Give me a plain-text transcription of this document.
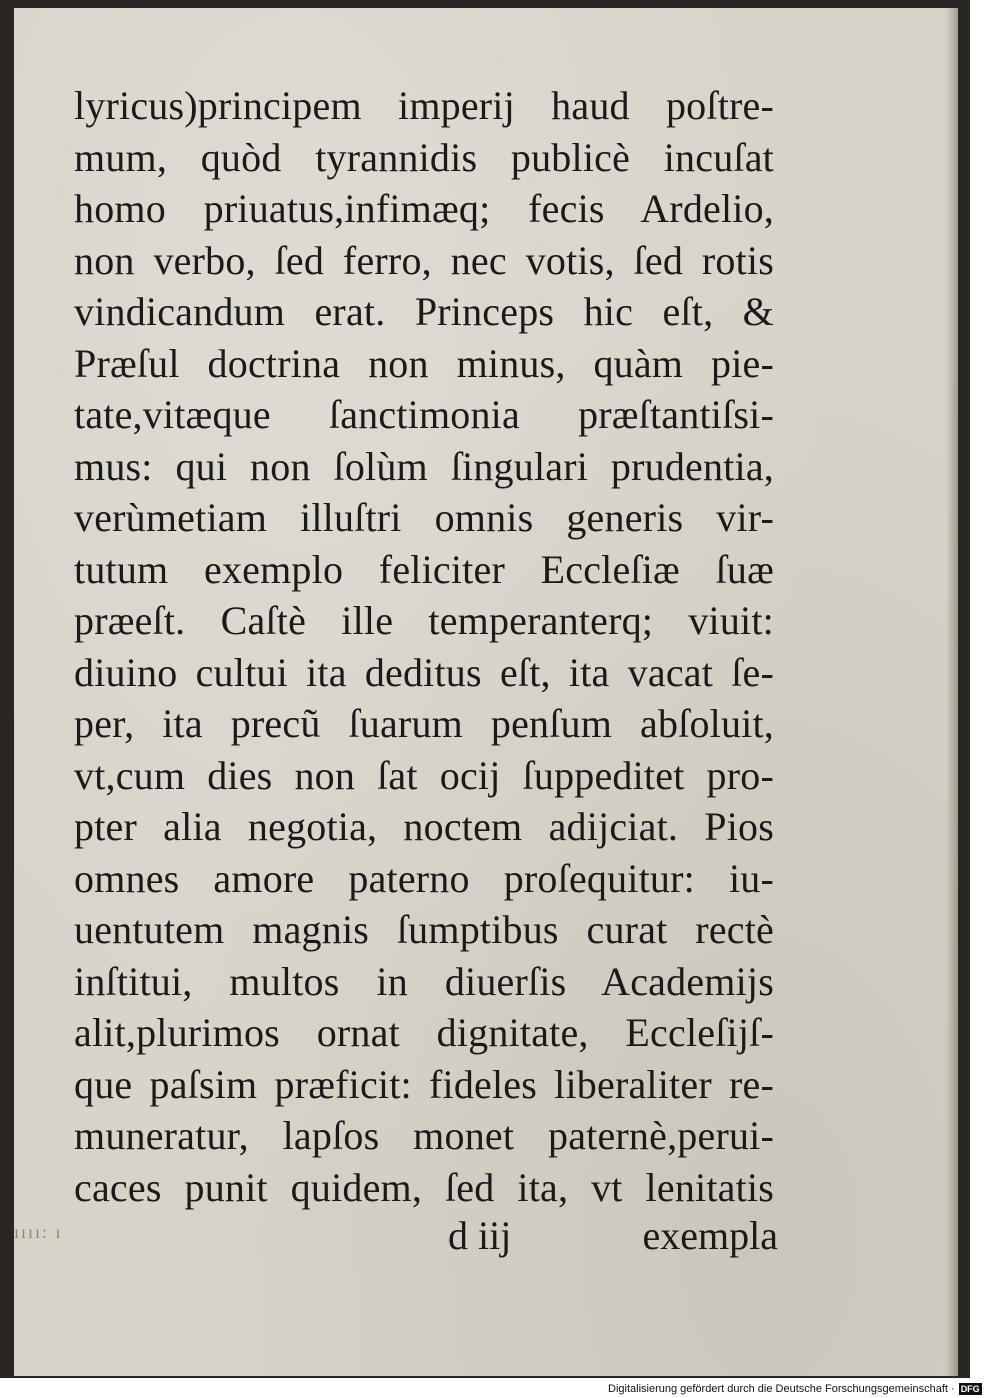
lyricus)principem imperij haud poſtre-
mum, quòd tyrannidis publicè incuſat
homo priuatus,infimæq; fecis Ardelio,
non verbo, ſed ferro, nec votis, ſed rotis
vindicandum erat. Princeps hic eſt, &
Præſul doctrina non minus, quàm pie-
tate,vitæque ſanctimonia præſtantiſsi-
mus: qui non ſolùm ſingulari prudentia,
verùmetiam illuſtri omnis generis vir-
tutum exemplo feliciter Eccleſiæ ſuæ
præeſt. Caſtè ille temperanterq; viuit:
diuino cultui ita deditus eſt, ita vacat ſe-
per, ita precũ ſuarum penſum abſoluit,
vt,cum dies non ſat ocij ſuppeditet pro-
pter alia negotia, noctem adijciat. Pios
omnes amore paterno proſequitur: iu-
uentutem magnis ſumptibus curat rectè
inſtitui, multos in diuerſis Academijs
alit,plurimos ornat dignitate, Eccleſijſ-
que paſsim præficit: fideles liberaliter re-
muneratur, lapſos monet paternè,perui-
caces punit quidem, ſed ita, vt lenitatis
ıııı: ı	d iij	exempla
Digitalisierung gefördert durch die Deutsche Forschungsgemeinschaft · DFG
